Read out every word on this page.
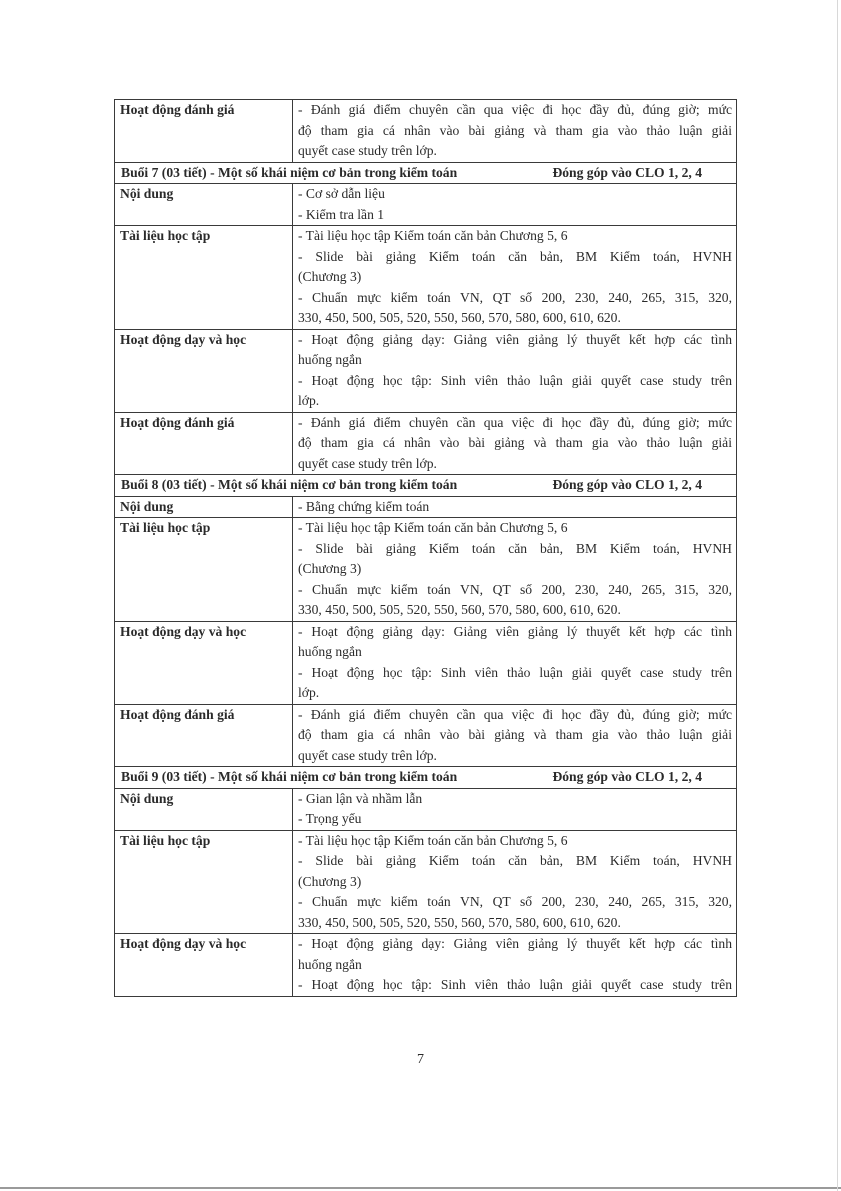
Hoạt động đánh giá	- Đánh giá điểm chuyên cần qua việc đi học đầy đủ, đúng giờ; mức
độ tham gia cá nhân vào bài giảng và tham gia vào thảo luận giải
quyết case study trên lớp.

Buổi 7 (03 tiết) - Một số khái niệm cơ bản trong kiểm toán Đóng góp vào CLO 1, 2, 4	

Nội dung	- Cơ sở dẫn liệu
- Kiểm tra lần 1

Tài liệu học tập	- Tài liệu học tập Kiểm toán căn bản Chương 5, 6
- Slide bài giảng Kiểm toán căn bản, BM Kiểm toán, HVNH
(Chương 3)
- Chuẩn mực kiểm toán VN, QT số 200, 230, 240, 265, 315, 320,
330, 450, 500, 505, 520, 550, 560, 570, 580, 600, 610, 620.

Hoạt động dạy và học	- Hoạt động giảng dạy: Giảng viên giảng lý thuyết kết hợp các tình
huống ngắn
- Hoạt động học tập: Sinh viên thảo luận giải quyết case study trên
lớp.

Hoạt động đánh giá	- Đánh giá điểm chuyên cần qua việc đi học đầy đủ, đúng giờ; mức
độ tham gia cá nhân vào bài giảng và tham gia vào thảo luận giải
quyết case study trên lớp.

Buổi 8 (03 tiết) - Một số khái niệm cơ bản trong kiểm toán Đóng góp vào CLO 1, 2, 4	

Nội dung	- Bằng chứng kiểm toán

Tài liệu học tập	- Tài liệu học tập Kiểm toán căn bản Chương 5, 6
- Slide bài giảng Kiểm toán căn bản, BM Kiểm toán, HVNH
(Chương 3)
- Chuẩn mực kiểm toán VN, QT số 200, 230, 240, 265, 315, 320,
330, 450, 500, 505, 520, 550, 560, 570, 580, 600, 610, 620.

Hoạt động dạy và học	- Hoạt động giảng dạy: Giảng viên giảng lý thuyết kết hợp các tình
huống ngắn
- Hoạt động học tập: Sinh viên thảo luận giải quyết case study trên
lớp.

Hoạt động đánh giá	- Đánh giá điểm chuyên cần qua việc đi học đầy đủ, đúng giờ; mức
độ tham gia cá nhân vào bài giảng và tham gia vào thảo luận giải
quyết case study trên lớp.

Buổi 9 (03 tiết) - Một số khái niệm cơ bản trong kiểm toán Đóng góp vào CLO 1, 2, 4	

Nội dung	- Gian lận và nhầm lẫn
- Trọng yếu

Tài liệu học tập	- Tài liệu học tập Kiểm toán căn bản Chương 5, 6
- Slide bài giảng Kiểm toán căn bản, BM Kiểm toán, HVNH
(Chương 3)
- Chuẩn mực kiểm toán VN, QT số 200, 230, 240, 265, 315, 320,
330, 450, 500, 505, 520, 550, 560, 570, 580, 600, 610, 620.

Hoạt động dạy và học	- Hoạt động giảng dạy: Giảng viên giảng lý thuyết kết hợp các tình
huống ngắn
- Hoạt động học tập: Sinh viên thảo luận giải quyết case study trên
7
